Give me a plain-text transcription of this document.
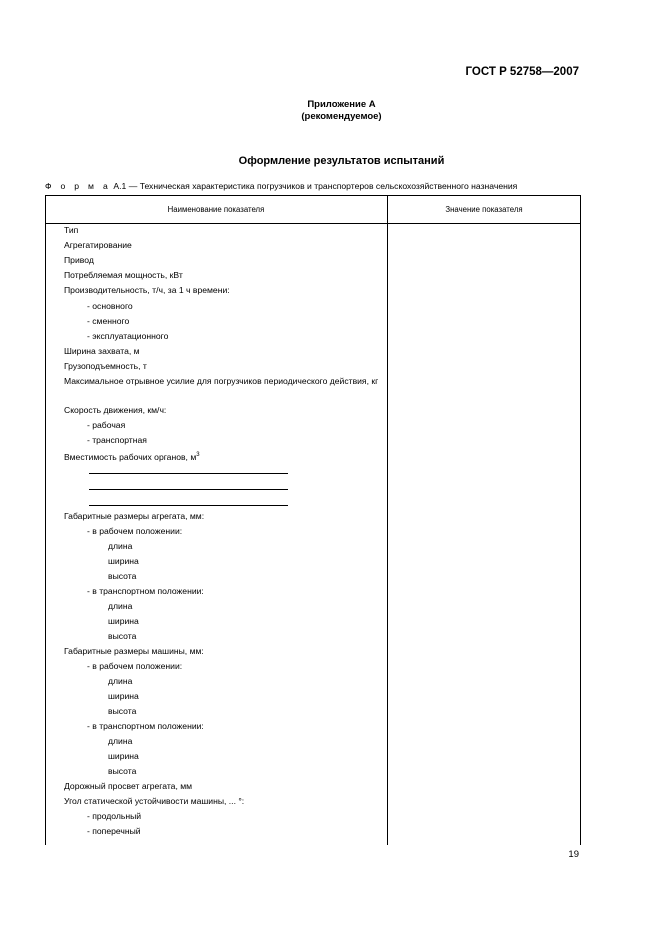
ГОСТ Р 52758—2007
Приложение А
(рекомендуемое)
Оформление результатов испытаний
Ф о р м а А.1 — Техническая характеристика погрузчиков и транспортеров сельскохозяйственного назначения
Наименование показателя	Значение показателя
Тип
Агрегатирование
Привод
Потребляемая мощность, кВт
Производительность, т/ч, за 1 ч времени:
- основного
- сменного
- эксплуатационного
Ширина захвата, м
Грузоподъемность, т
Максимальное отрывное усилие для погрузчиков периодического действия, кг
Скорость движения, км/ч:
- рабочая
- транспортная
Вместимость рабочих органов, $м^3$
Габаритные размеры агрегата, мм:
- в рабочем положении:
длина
ширина
высота
- в транспортном положении:
длина
ширина
высота
Габаритные размеры машины, мм:
- в рабочем положении:
длина
ширина
высота
- в транспортном положении:
длина
ширина
высота
Дорожный просвет агрегата, мм
Угол статической устойчивости машины, ... °:
- продольный
- поперечный
19
